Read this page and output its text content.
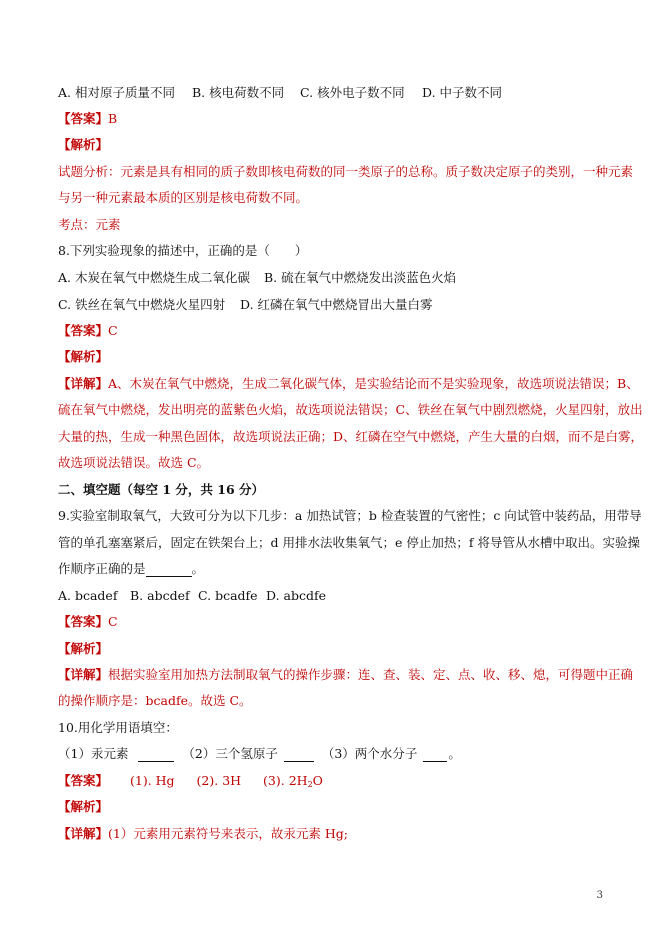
A. 相对原子质量不同 B. 核电荷数不同 C. 核外电子数不同 D. 中子数不同
【答案】B
【解析】
试题分析：元素是具有相同的质子数即核电荷数的同一类原子的总称。质子数决定原子的类别，一种元素
与另一种元素最本质的区别是核电荷数不同。
考点：元素
8.下列实验现象的描述中，正确的是（　　）
A. 木炭在氧气中燃烧生成二氧化碳 B. 硫在氧气中燃烧发出淡蓝色火焰
C. 铁丝在氧气中燃烧火星四射 D. 红磷在氧气中燃烧冒出大量白雾
【答案】C
【解析】
【详解】A、木炭在氧气中燃烧，生成二氧化碳气体，是实验结论而不是实验现象，故选项说法错误；B、
硫在氧气中燃烧，发出明亮的蓝紫色火焰，故选项说法错误；C、铁丝在氧气中剧烈燃烧，火星四射，放出
大量的热，生成一种黑色固体，故选项说法正确；D、红磷在空气中燃烧，产生大量的白烟，而不是白雾，
故选项说法错误。故选 C。
二、填空题（每空 1 分，共 16 分）
9.实验室制取氧气，大致可分为以下几步：a 加热试管；b 检查装置的气密性；c 向试管中装药品，用带导
管的单孔塞塞紧后，固定在铁架台上；d 用排水法收集氧气；e 停止加热；f 将导管从水槽中取出。实验操
作顺序正确的是	。
A. bcadef B. abcdef C. bcadfe D. abcdfe
【答案】C
【解析】
【详解】根据实验室用加热方法制取氧气的操作步骤：连、查、装、定、点、收、移、熄，可得题中正确
的操作顺序是：bcadfe。故选 C。
10.用化学用语填空：
（1）汞元素	（2）三个氢原子	（3）两个水分子 。
【答案】 (1). Hg (2). 3H (3). $2H_2O$
【解析】
【详解】(1）元素用元素符号来表示，故汞元素 Hg;
3
